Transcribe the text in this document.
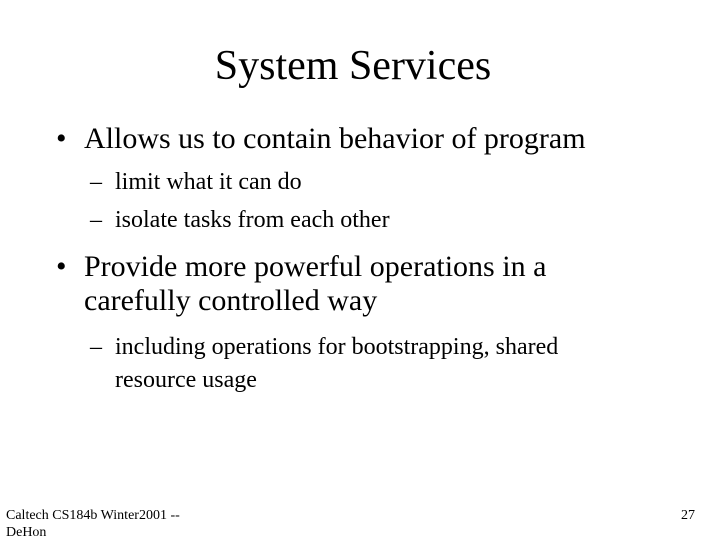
System Services
• Allows us to contain behavior of program
– limit what it can do
– isolate tasks from each other
• Provide more powerful operations in a carefully controlled way
– including operations for bootstrapping, shared resource usage
Caltech CS184b Winter2001 -- DeHon
27
